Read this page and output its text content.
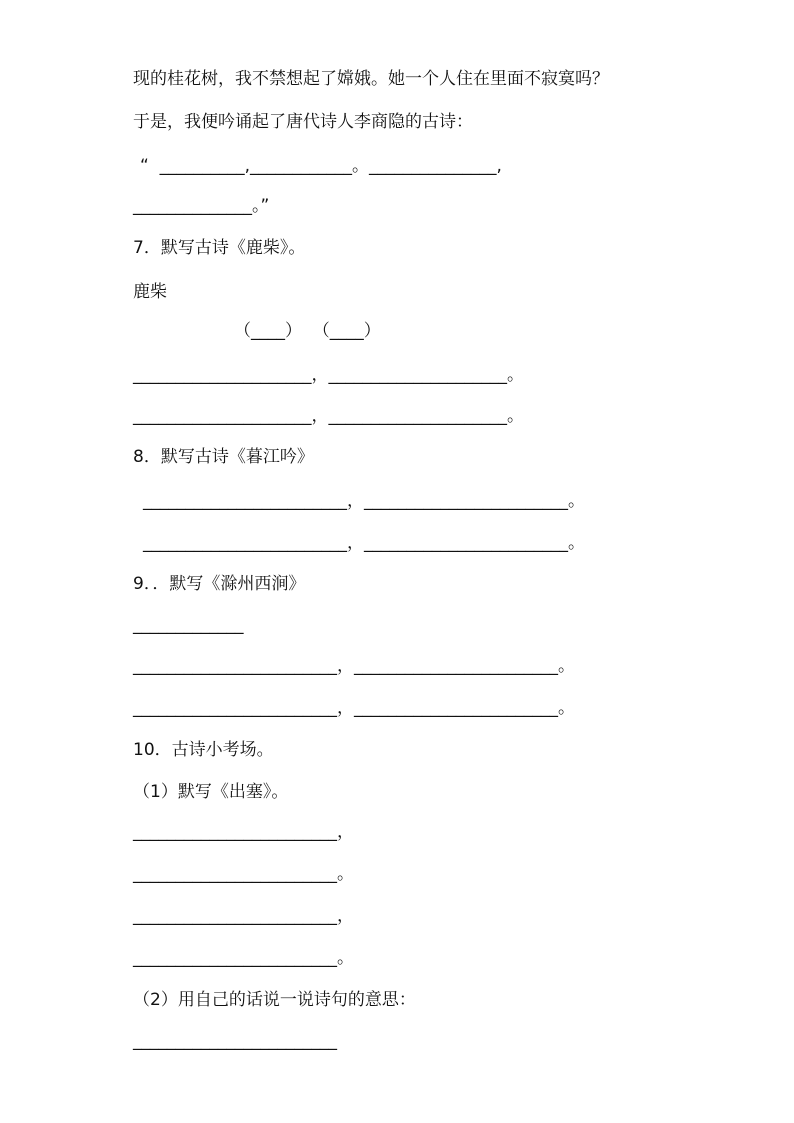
现的桂花树，我不禁想起了嫦娥。她一个人住在里面不寂寞吗？
于是，我便吟诵起了唐代诗人李商隐的古诗：
“  __________,____________。_______________,
______________。”
7．默写古诗《鹿柴》。
鹿柴
（____）  （____）
_____________________，_____________________。
_____________________，_____________________。
8．默写古诗《暮江吟》
________________________，________________________。
________________________，________________________。
9．．默写《滁州西涧》
_____________
________________________，________________________。
________________________，________________________。
10．古诗小考场。
（1）默写《出塞》。
________________________，
________________________。
________________________，
________________________。
（2）用自己的话说一说诗句的意思：
________________________
